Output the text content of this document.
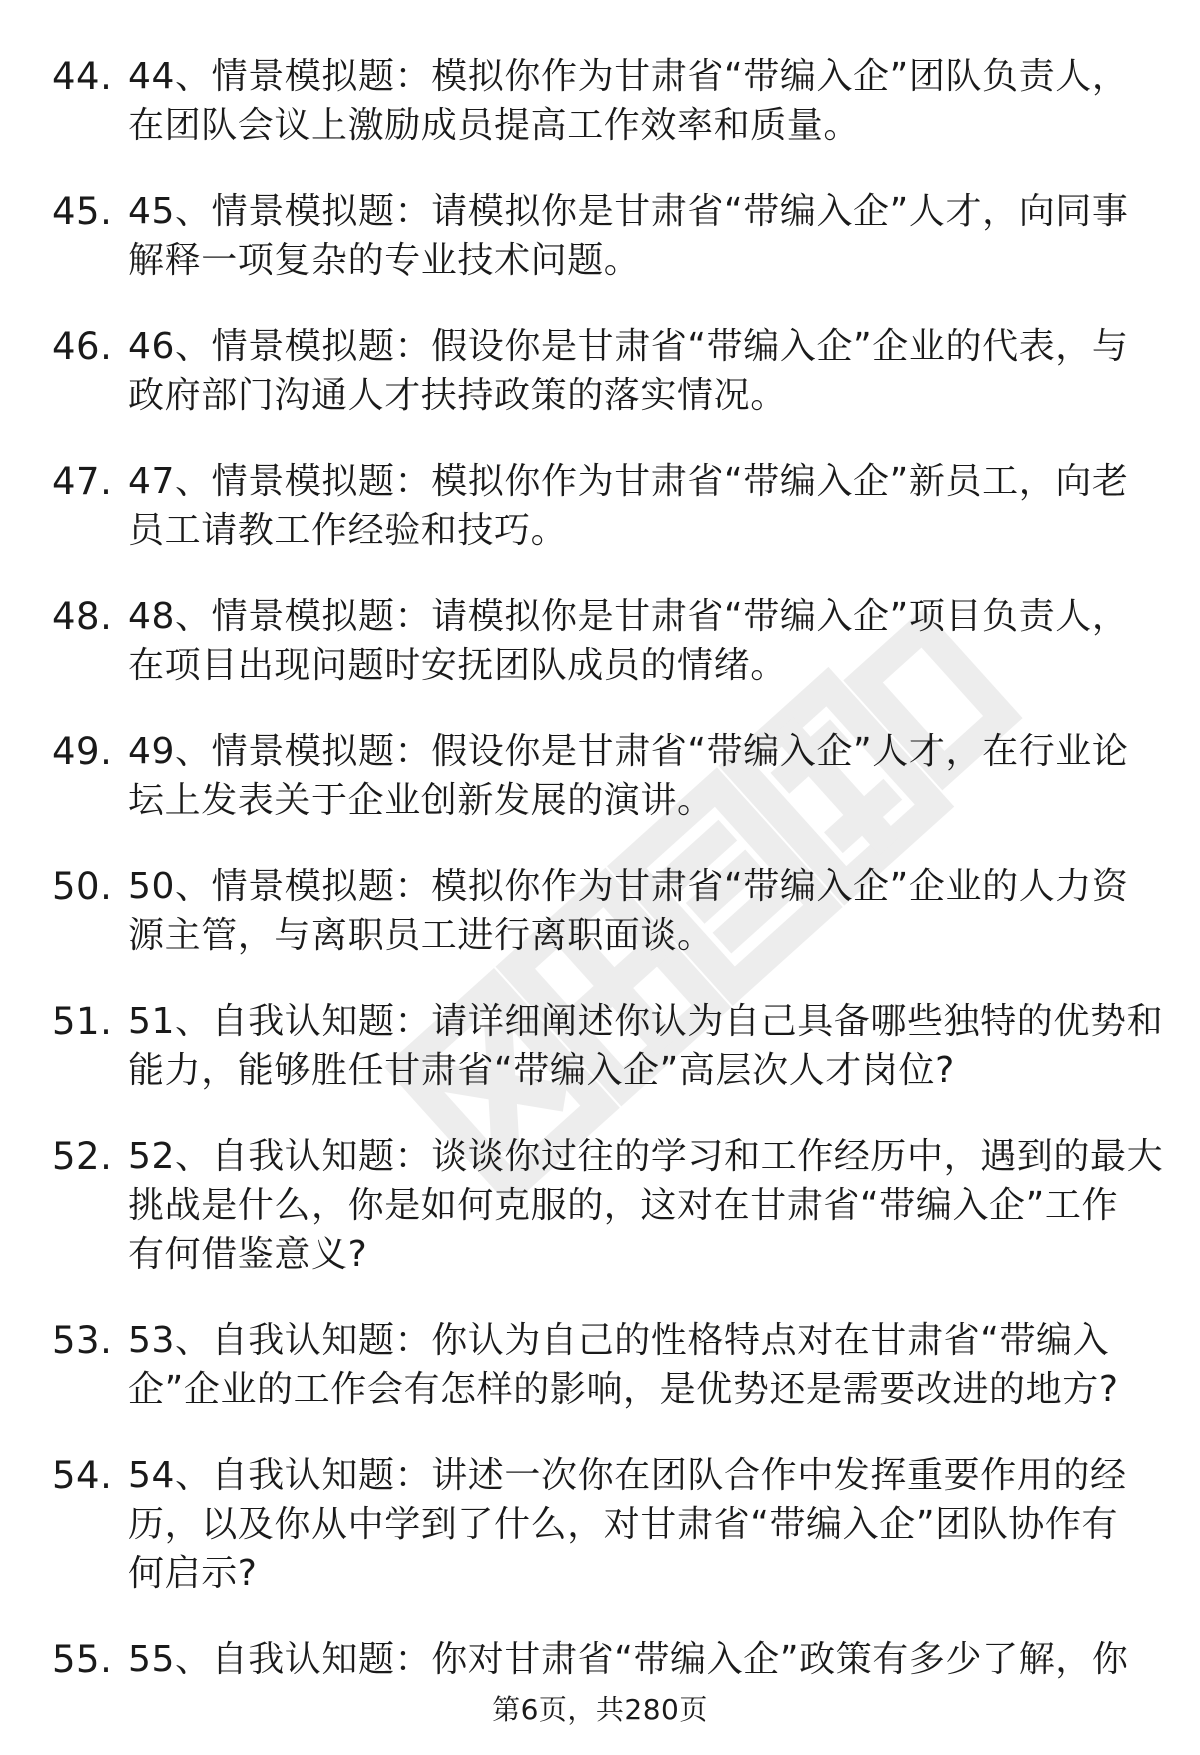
44. 44、情景模拟题：模拟你作为甘肃省“带编入企”团队负责人，
在团队会议上激励成员提高工作效率和质量。
45. 45、情景模拟题：请模拟你是甘肃省“带编入企”人才，向同事
解释一项复杂的专业技术问题。
46. 46、情景模拟题：假设你是甘肃省“带编入企”企业的代表，与
政府部门沟通人才扶持政策的落实情况。
47. 47、情景模拟题：模拟你作为甘肃省“带编入企”新员工，向老
员工请教工作经验和技巧。
48. 48、情景模拟题：请模拟你是甘肃省“带编入企”项目负责人，
在项目出现问题时安抚团队成员的情绪。
49. 49、情景模拟题：假设你是甘肃省“带编入企”人才，在行业论
坛上发表关于企业创新发展的演讲。
50. 50、情景模拟题：模拟你作为甘肃省“带编入企”企业的人力资
源主管，与离职员工进行离职面谈。
51. 51、自我认知题：请详细阐述你认为自己具备哪些独特的优势和
能力，能够胜任甘肃省“带编入企”高层次人才岗位?
52. 52、自我认知题：谈谈你过往的学习和工作经历中，遇到的最大
挑战是什么，你是如何克服的，这对在甘肃省“带编入企”工作
有何借鉴意义?
53. 53、自我认知题：你认为自己的性格特点对在甘肃省“带编入
企”企业的工作会有怎样的影响，是优势还是需要改进的地方?
54. 54、自我认知题：讲述一次你在团队合作中发挥重要作用的经
历，以及你从中学到了什么，对甘肃省“带编入企”团队协作有
何启示?
55. 55、自我认知题：你对甘肃省“带编入企”政策有多少了解，你
第6页，共280页
